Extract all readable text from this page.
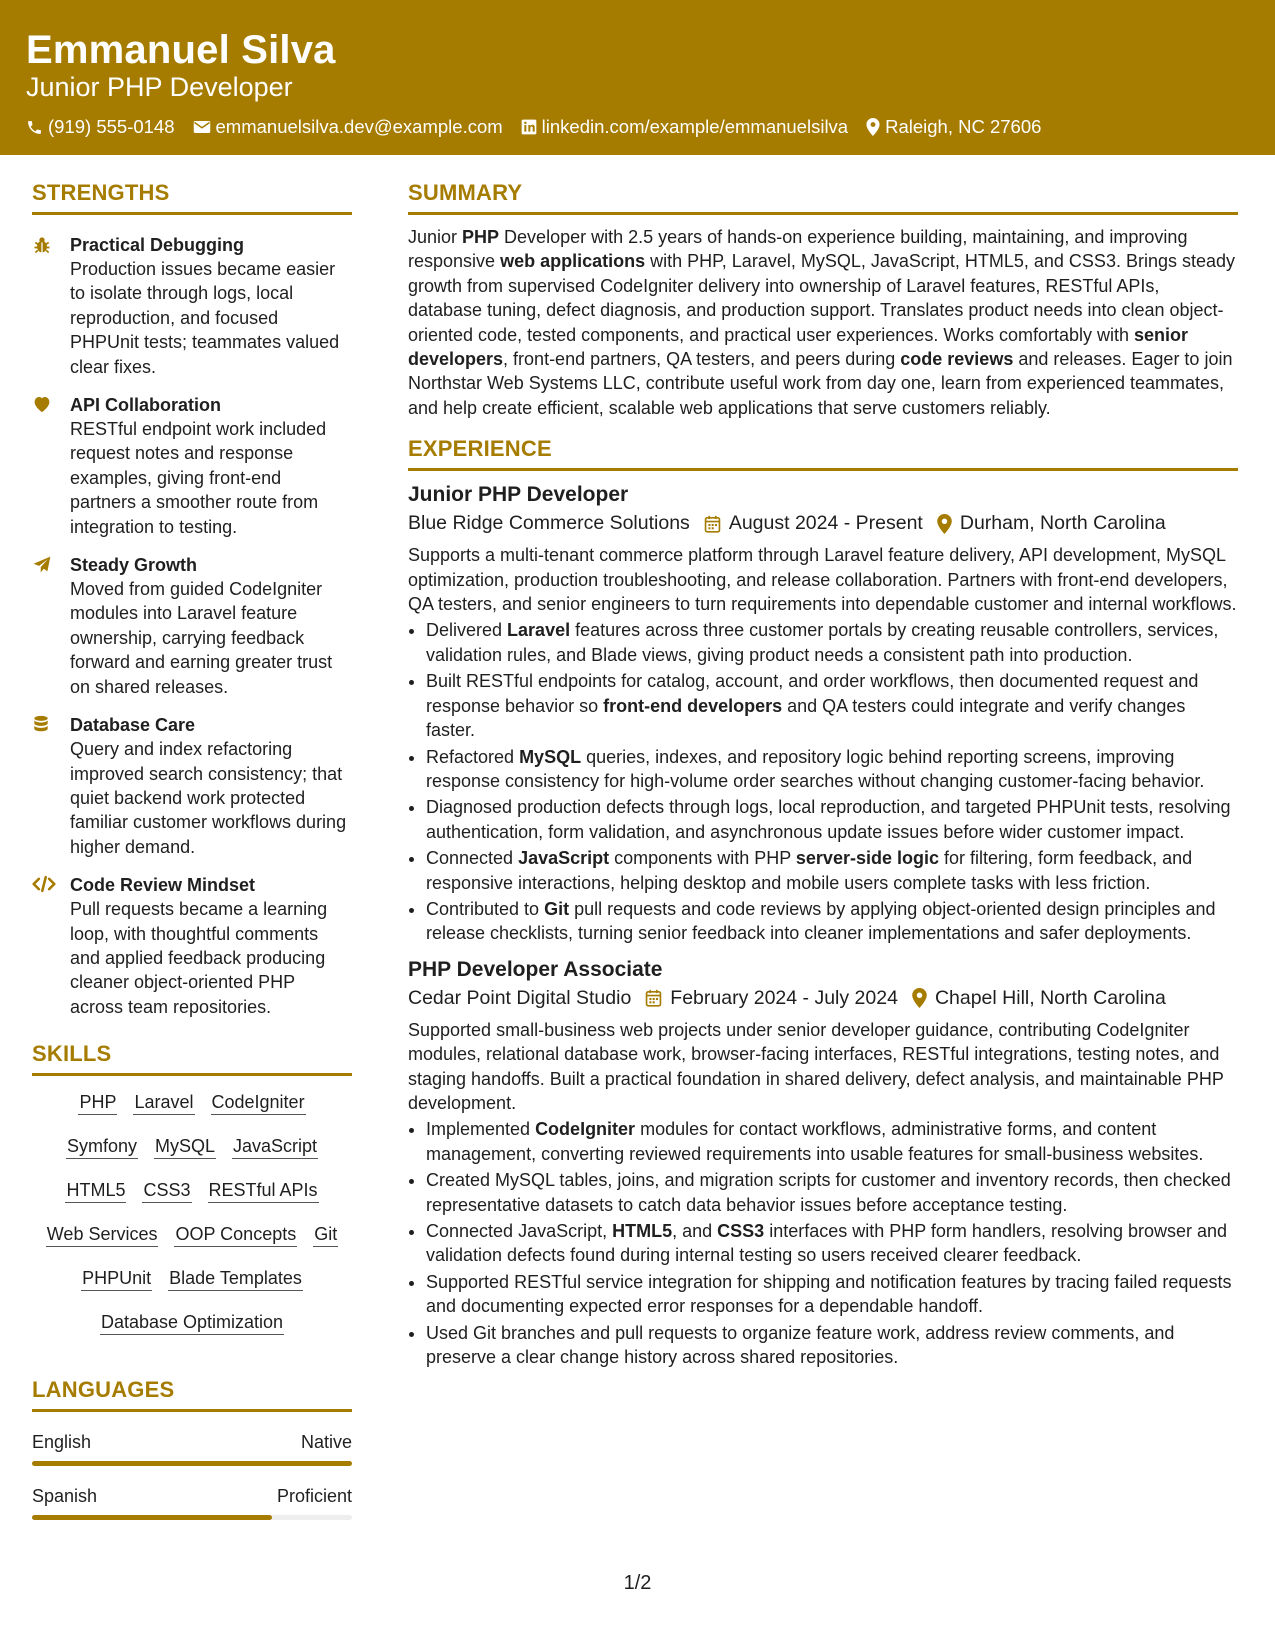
Emmanuel Silva
Junior PHP Developer
(919) 555-0148 emmanuelsilva.dev@example.com linkedin.com/example/emmanuelsilva Raleigh, NC 27606
STRENGTHS
Practical Debugging
Production issues became easier to isolate through logs, local reproduction, and focused PHPUnit tests; teammates valued clear fixes.
API Collaboration
RESTful endpoint work included request notes and response examples, giving front-end partners a smoother route from integration to testing.
Steady Growth
Moved from guided CodeIgniter modules into Laravel feature ownership, carrying feedback forward and earning greater trust on shared releases.
Database Care
Query and index refactoring improved search consistency; that quiet backend work protected familiar customer workflows during higher demand.
Code Review Mindset
Pull requests became a learning loop, with thoughtful comments and applied feedback producing cleaner object-oriented PHP across team repositories.
SKILLS
PHP Laravel CodeIgniter
Symfony MySQL JavaScript
HTML5 CSS3 RESTful APIs
Web Services OOP Concepts Git
PHPUnit Blade Templates
Database Optimization
LANGUAGES
English	Native
Spanish	Proficient
SUMMARY
Junior PHP Developer with 2.5 years of hands-on experience building, maintaining, and improving responsive web applications with PHP, Laravel, MySQL, JavaScript, HTML5, and CSS3. Brings steady growth from supervised CodeIgniter delivery into ownership of Laravel features, RESTful APIs, database tuning, defect diagnosis, and production support. Translates product needs into clean object-oriented code, tested components, and practical user experiences. Works comfortably with senior developers, front-end partners, QA testers, and peers during code reviews and releases. Eager to join Northstar Web Systems LLC, contribute useful work from day one, learn from experienced teammates, and help create efficient, scalable web applications that serve customers reliably.
EXPERIENCE
Junior PHP Developer
Blue Ridge Commerce Solutions August 2024 - Present Durham, North Carolina
Supports a multi-tenant commerce platform through Laravel feature delivery, API development, MySQL optimization, production troubleshooting, and release collaboration. Partners with front-end developers, QA testers, and senior engineers to turn requirements into dependable customer and internal workflows.
• Delivered Laravel features across three customer portals by creating reusable controllers, services, validation rules, and Blade views, giving product needs a consistent path into production.
• Built RESTful endpoints for catalog, account, and order workflows, then documented request and response behavior so front-end developers and QA testers could integrate and verify changes faster.
• Refactored MySQL queries, indexes, and repository logic behind reporting screens, improving response consistency for high-volume order searches without changing customer-facing behavior.
• Diagnosed production defects through logs, local reproduction, and targeted PHPUnit tests, resolving authentication, form validation, and asynchronous update issues before wider customer impact.
• Connected JavaScript components with PHP server-side logic for filtering, form feedback, and responsive interactions, helping desktop and mobile users complete tasks with less friction.
• Contributed to Git pull requests and code reviews by applying object-oriented design principles and release checklists, turning senior feedback into cleaner implementations and safer deployments.
PHP Developer Associate
Cedar Point Digital Studio February 2024 - July 2024 Chapel Hill, North Carolina
Supported small-business web projects under senior developer guidance, contributing CodeIgniter modules, relational database work, browser-facing interfaces, RESTful integrations, testing notes, and staging handoffs. Built a practical foundation in shared delivery, defect analysis, and maintainable PHP development.
• Implemented CodeIgniter modules for contact workflows, administrative forms, and content management, converting reviewed requirements into usable features for small-business websites.
• Created MySQL tables, joins, and migration scripts for customer and inventory records, then checked representative datasets to catch data behavior issues before acceptance testing.
• Connected JavaScript, HTML5, and CSS3 interfaces with PHP form handlers, resolving browser and validation defects found during internal testing so users received clearer feedback.
• Supported RESTful service integration for shipping and notification features by tracing failed requests and documenting expected error responses for a dependable handoff.
• Used Git branches and pull requests to organize feature work, address review comments, and preserve a clear change history across shared repositories.
1/2
